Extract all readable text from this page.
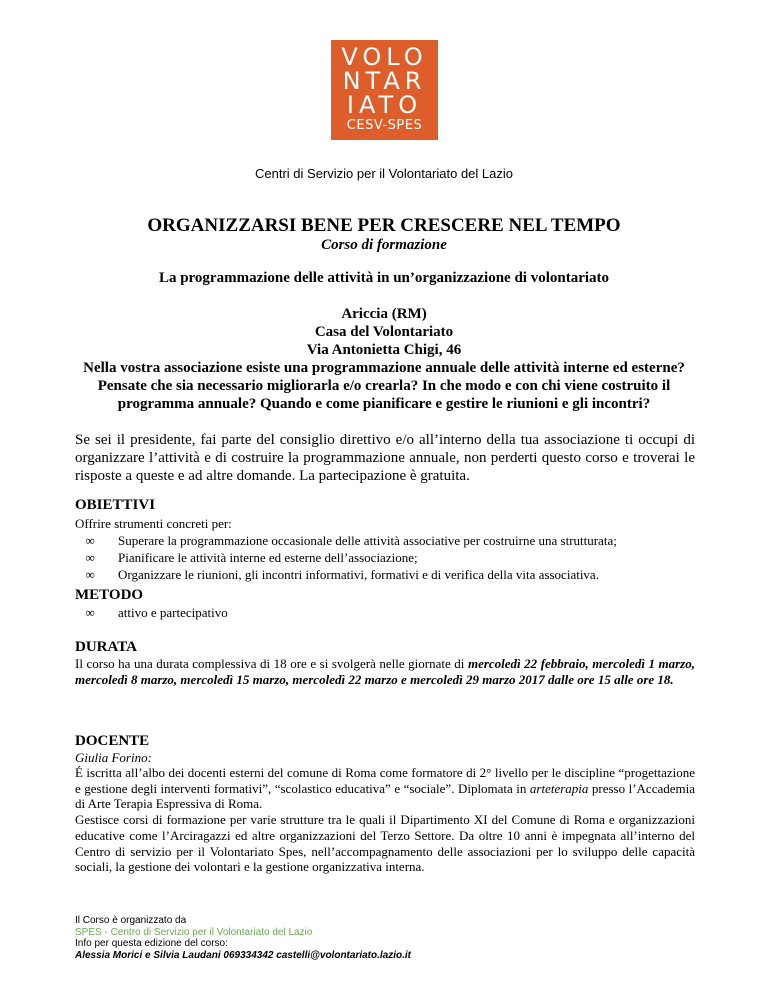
VOLO
NTAR
IATO
CESV-SPES
Centri di Servizio per il Volontariato del Lazio
ORGANIZZARSI BENE PER CRESCERE NEL TEMPO
Corso di formazione
La programmazione delle attività in un’organizzazione di volontariato
Ariccia (RM)
Casa del Volontariato
Via Antonietta Chigi, 46
Nella vostra associazione esiste una programmazione annuale delle attività interne ed esterne? Pensate che sia necessario migliorarla e/o crearla? In che modo e con chi viene costruito il programma annuale? Quando e come pianificare e gestire le riunioni e gli incontri?
Se sei il presidente, fai parte del consiglio direttivo e/o all’interno della tua associazione ti occupi di organizzare l’attività e di costruire la programmazione annuale, non perderti questo corso e troverai le risposte a queste e ad altre domande. La partecipazione è gratuita.
OBIETTIVI
Offrire strumenti concreti per:
∞	Superare la programmazione occasionale delle attività associative per costruirne una strutturata;
∞	Pianificare le attività interne ed esterne dell’associazione;
∞	Organizzare le riunioni, gli incontri informativi, formativi e di verifica della vita associativa.
METODO
∞	attivo e partecipativo
DURATA
Il corso ha una durata complessiva di 18 ore e si svolgerà nelle giornate di mercoledì 22 febbraio, mercoledì 1 marzo, mercoledì 8 marzo, mercoledì 15 marzo, mercoledì 22 marzo e mercoledì 29 marzo 2017 dalle ore 15 alle ore 18.
DOCENTE
Giulia Forino:
É iscritta all’albo dei docenti esterni del comune di Roma come formatore di 2° livello per le discipline “progettazione e gestione degli interventi formativi”, “scolastico educativa” e “sociale”. Diplomata in arteterapia presso l’Accademia di Arte Terapia Espressiva di Roma.
Gestisce corsi di formazione per varie strutture tra le quali il Dipartimento XI del Comune di Roma e organizzazioni educative come l’Arciragazzi ed altre organizzazioni del Terzo Settore. Da oltre 10 anni è impegnata all’interno del Centro di servizio per il Volontariato Spes, nell’accompagnamento delle associazioni per lo sviluppo delle capacità sociali, la gestione dei volontari e la gestione organizzativa interna.
Il Corso è organizzato da
SPES - Centro di Servizio per il Volontariato del Lazio
Info per questa edizione del corso:
Alessia Morici e Silvia Laudani 069334342 castelli@volontariato.lazio.it
